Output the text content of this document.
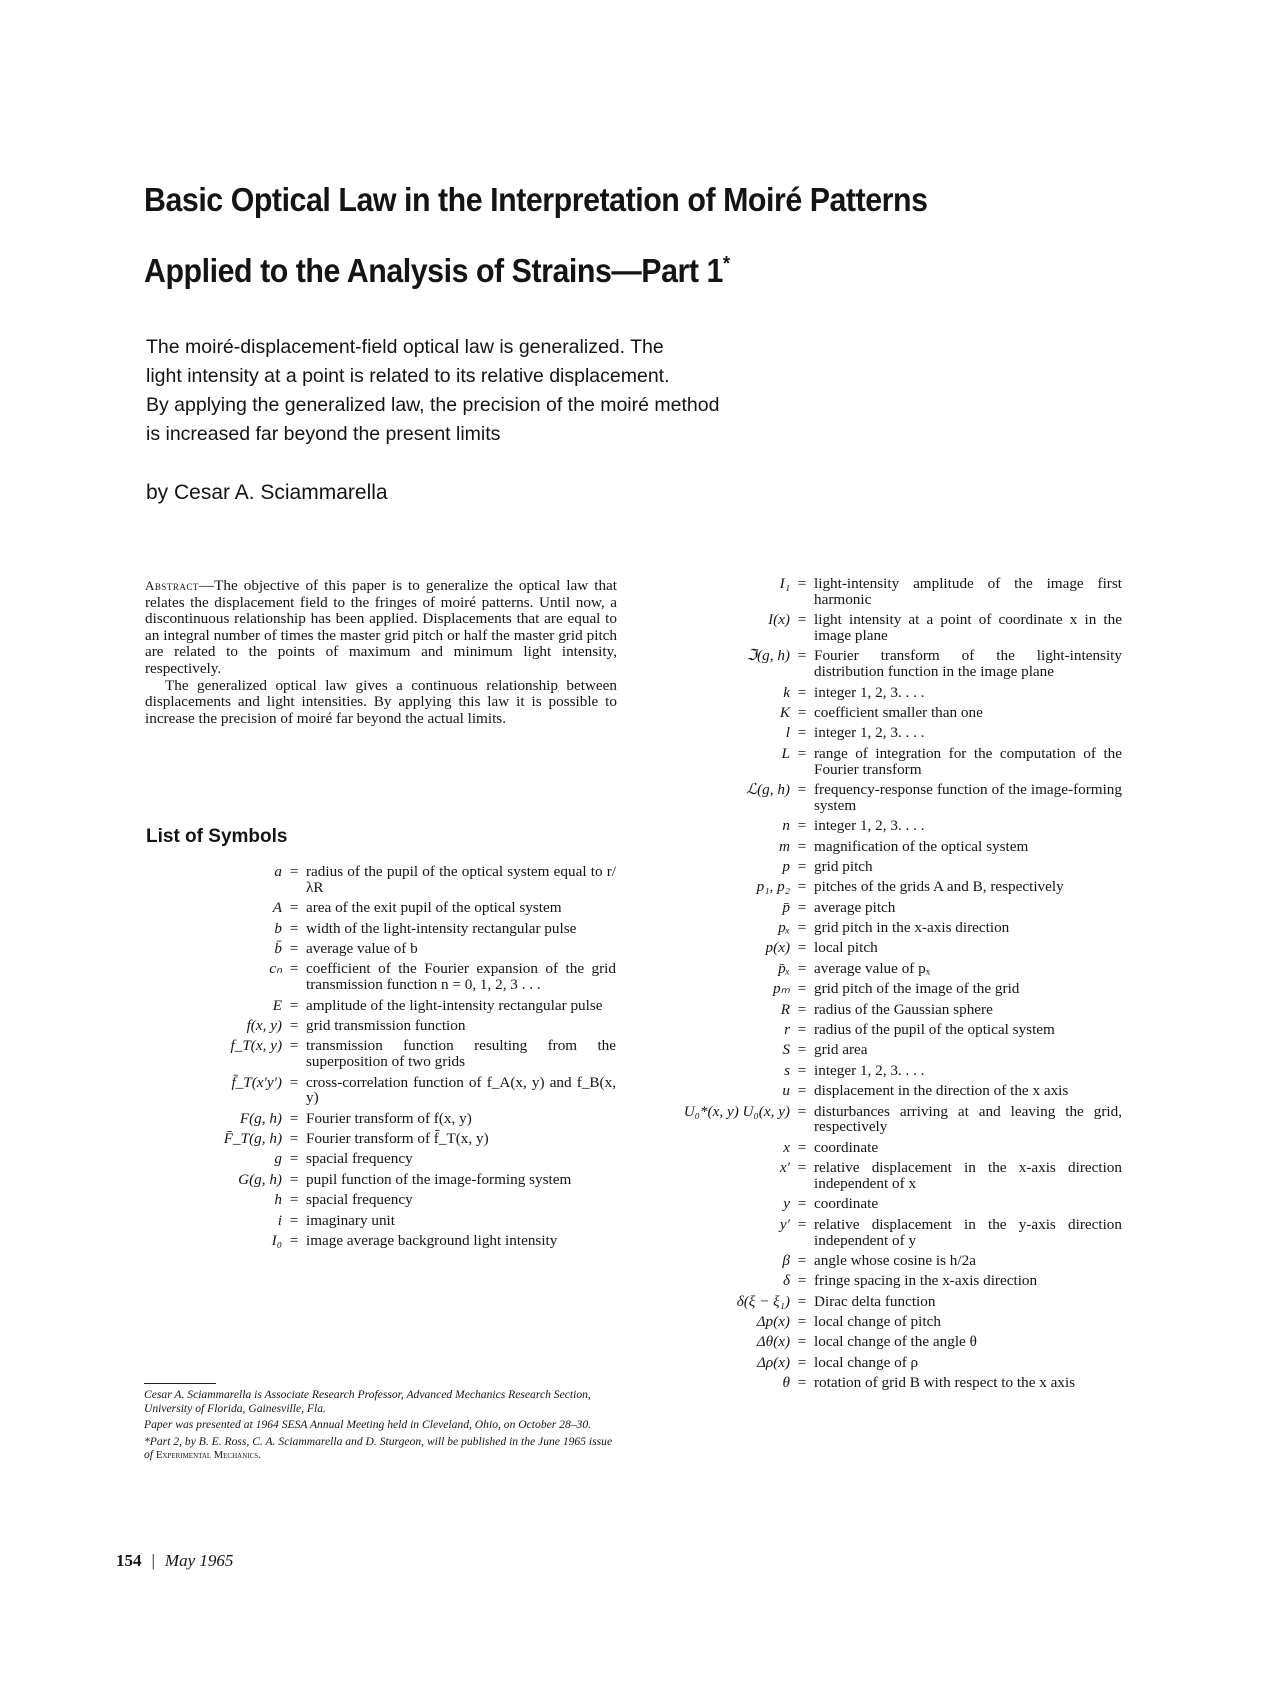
Basic Optical Law in the Interpretation of Moiré Patterns
Applied to the Analysis of Strains—Part 1*
The moiré-displacement-field optical law is generalized. The
light intensity at a point is related to its relative displacement.
By applying the generalized law, the precision of the moiré method
is increased far beyond the present limits
by Cesar A. Sciammarella

Abstract—The objective of this paper is to generalize the optical law that relates the displacement field to the fringes of moiré patterns. Until now, a discontinuous relationship has been applied. Displacements that are equal to an integral number of times the master grid pitch or half the master grid pitch are related to the points of maximum and minimum light intensity, respectively.

The generalized optical law gives a continuous relationship between displacements and light intensities. By applying this law it is possible to increase the precision of moiré far beyond the actual limits.

List of Symbols
a = radius of the pupil of the optical system equal to r/λR
A = area of the exit pupil of the optical system
b = width of the light-intensity rectangular pulse
b̄ = average value of b
cₙ = coefficient of the Fourier expansion of the grid transmission function n = 0, 1, 2, 3 . . .
E = amplitude of the light-intensity rectangular pulse
f(x, y) = grid transmission function
f_T(x, y) = transmission function resulting from the superposition of two grids
f̄_T(x′y′) = cross-correlation function of f_A(x, y) and f_B(x, y)
F(g, h) = Fourier transform of f(x, y)
F̄_T(g, h) = Fourier transform of f̄_T(x, y)
g = spacial frequency
G(g, h) = pupil function of the image-forming system
h = spacial frequency
i = imaginary unit
I₀ = image average background light intensity
I₁ = light-intensity amplitude of the image first harmonic
I(x) = light intensity at a point of coordinate x in the image plane
ℑ(g, h) = Fourier transform of the light-intensity distribution function in the image plane
k = integer 1, 2, 3. . . .
K = coefficient smaller than one
l = integer 1, 2, 3. . . .
L = range of integration for the computation of the Fourier transform
ℒ(g, h) = frequency-response function of the image-forming system
n = integer 1, 2, 3. . . .
m = magnification of the optical system
p = grid pitch
p₁, p₂ = pitches of the grids A and B, respectively
p̄ = average pitch
pₓ = grid pitch in the x-axis direction
p(x) = local pitch
p̄ₓ = average value of pₓ
pₘ = grid pitch of the image of the grid
R = radius of the Gaussian sphere
r = radius of the pupil of the optical system
S = grid area
s = integer 1, 2, 3. . . .
u = displacement in the direction of the x axis
U₀*(x, y) U₀(x, y) = disturbances arriving at and leaving the grid, respectively
x = coordinate
x′ = relative displacement in the x-axis direction independent of x
y = coordinate
y′ = relative displacement in the y-axis direction independent of y
β = angle whose cosine is h/2a
δ = fringe spacing in the x-axis direction
δ(ξ − ξ₁) = Dirac delta function
Δp(x) = local change of pitch
Δθ(x) = local change of the angle θ
Δρ(x) = local change of ρ
θ = rotation of grid B with respect to the x axis

Cesar A. Sciammarella is Associate Research Professor, Advanced Mechanics Research Section, University of Florida, Gainesville, Fla.

Paper was presented at 1964 SESA Annual Meeting held in Cleveland, Ohio, on October 28–30.

*Part 2, by B. E. Ross, C. A. Sciammarella and D. Sturgeon, will be published in the June 1965 issue of Experimental Mechanics.

154 | May 1965
